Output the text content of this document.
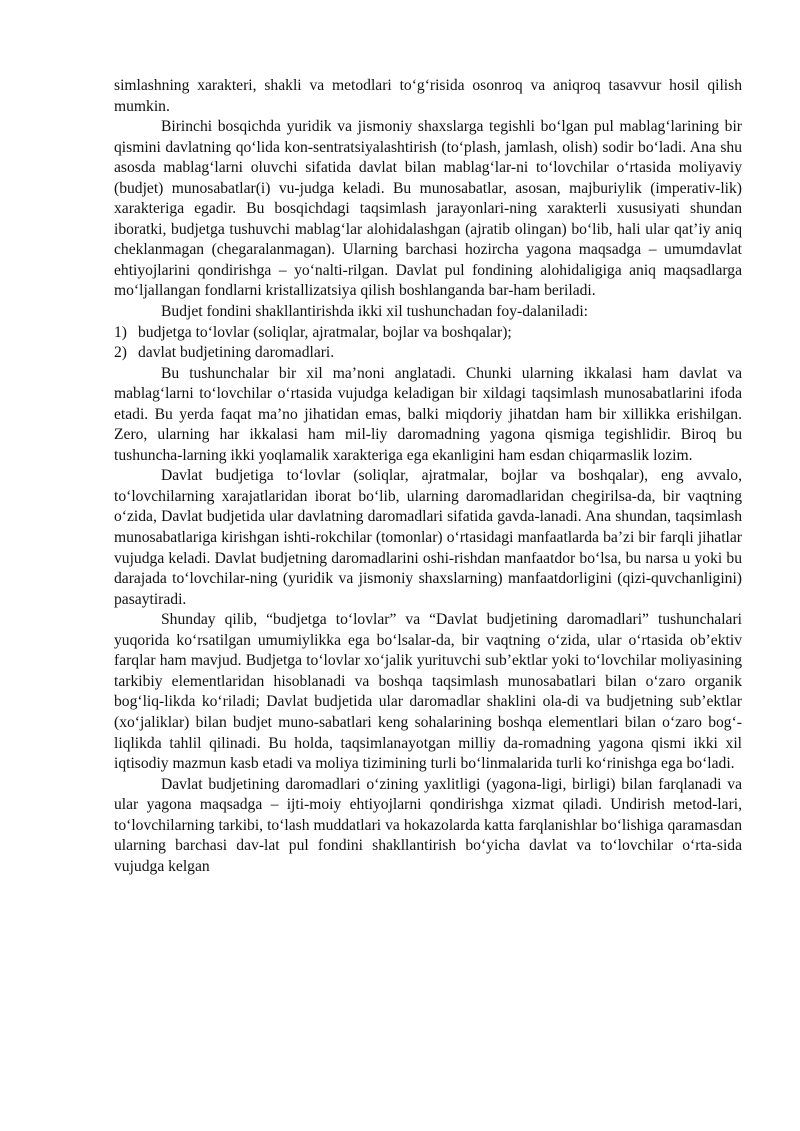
simlashning xarakteri, shakli va metodlari to‘g‘risida osonroq va aniqroq tasavvur hosil qilish mumkin.

Birinchi bosqichda yuridik va jismoniy shaxslarga tegishli bo‘lgan pul mablag‘larining bir qismini davlatning qo‘lida kon-sentratsiyalashtirish (to‘plash, jamlash, olish) sodir bo‘ladi. Ana shu asosda mablag‘larni oluvchi sifatida davlat bilan mablag‘lar-ni to‘lovchilar o‘rtasida moliyaviy (budjet) munosabatlar(i) vu-judga keladi. Bu munosabatlar, asosan, majburiylik (imperativ-lik) xarakteriga egadir. Bu bosqichdagi taqsimlash jarayonlari-ning xarakterli xususiyati shundan iboratki, budjetga tushuvchi mablag‘lar alohidalashgan (ajratib olingan) bo‘lib, hali ular qat’iy aniq cheklanmagan (chegaralanmagan). Ularning barchasi hozircha yagona maqsadga – umumdavlat ehtiyojlarini qondirishga – yo‘nalti-rilgan. Davlat pul fondining alohidaligiga aniq maqsadlarga mo‘ljallangan fondlarni kristallizatsiya qilish boshlanganda bar-ham beriladi.

Budjet fondini shakllantirishda ikki xil tushunchadan foy-dalaniladi:

1) budjetga to‘lovlar (soliqlar, ajratmalar, bojlar va boshqalar);
2) davlat budjetining daromadlari.

Bu tushunchalar bir xil ma’noni anglatadi. Chunki ularning ikkalasi ham davlat va mablag‘larni to‘lovchilar o‘rtasida vujudga keladigan bir xildagi taqsimlash munosabatlarini ifoda etadi. Bu yerda faqat ma’no jihatidan emas, balki miqdoriy jihatdan ham bir xillikka erishilgan. Zero, ularning har ikkalasi ham mil-liy daromadning yagona qismiga tegishlidir. Biroq bu tushuncha-larning ikki yoqlamalik xarakteriga ega ekanligini ham esdan chiqarmaslik lozim.

Davlat budjetiga to‘lovlar (soliqlar, ajratmalar, bojlar va boshqalar), eng avvalo, to‘lovchilarning xarajatlaridan iborat bo‘lib, ularning daromadlaridan chegirilsa-da, bir vaqtning o‘zida, Davlat budjetida ular davlatning daromadlari sifatida gavda-lanadi. Ana shundan, taqsimlash munosabatlariga kirishgan ishti-rokchilar (tomonlar) o‘rtasidagi manfaatlarda ba’zi bir farqli jihatlar vujudga keladi. Davlat budjetning daromadlarini oshi-rishdan manfaatdor bo‘lsa, bu narsa u yoki bu darajada to‘lovchilar-ning (yuridik va jismoniy shaxslarning) manfaatdorligini (qizi-quvchanligini) pasaytiradi.

Shunday qilib, “budjetga to‘lovlar” va “Davlat budjetining daromadlari” tushunchalari yuqorida ko‘rsatilgan umumiylikka ega bo‘lsalar-da, bir vaqtning o‘zida, ular o‘rtasida ob’ektiv farqlar ham mavjud. Budjetga to‘lovlar xo‘jalik yurituvchi sub’ektlar yoki to‘lovchilar moliyasining tarkibiy elementlaridan hisoblanadi va boshqa taqsimlash munosabatlari bilan o‘zaro organik bog‘liq-likda ko‘riladi; Davlat budjetida ular daromadlar shaklini ola-di va budjetning sub’ektlar (xo‘jaliklar) bilan budjet muno-sabatlari keng sohalarining boshqa elementlari bilan o‘zaro bog‘-liqlikda tahlil qilinadi. Bu holda, taqsimlanayotgan milliy da-romadning yagona qismi ikki xil iqtisodiy mazmun kasb etadi va moliya tizimining turli bo‘linmalarida turli ko‘rinishga ega bo‘ladi.

Davlat budjetining daromadlari o‘zining yaxlitligi (yagona-ligi, birligi) bilan farqlanadi va ular yagona maqsadga – ijti-moiy ehtiyojlarni qondirishga xizmat qiladi. Undirish metod-lari, to‘lovchilarning tarkibi, to‘lash muddatlari va hokazolarda katta farqlanishlar bo‘lishiga qaramasdan ularning barchasi dav-lat pul fondini shakllantirish bo‘yicha davlat va to‘lovchilar o‘rta-sida vujudga kelgan
